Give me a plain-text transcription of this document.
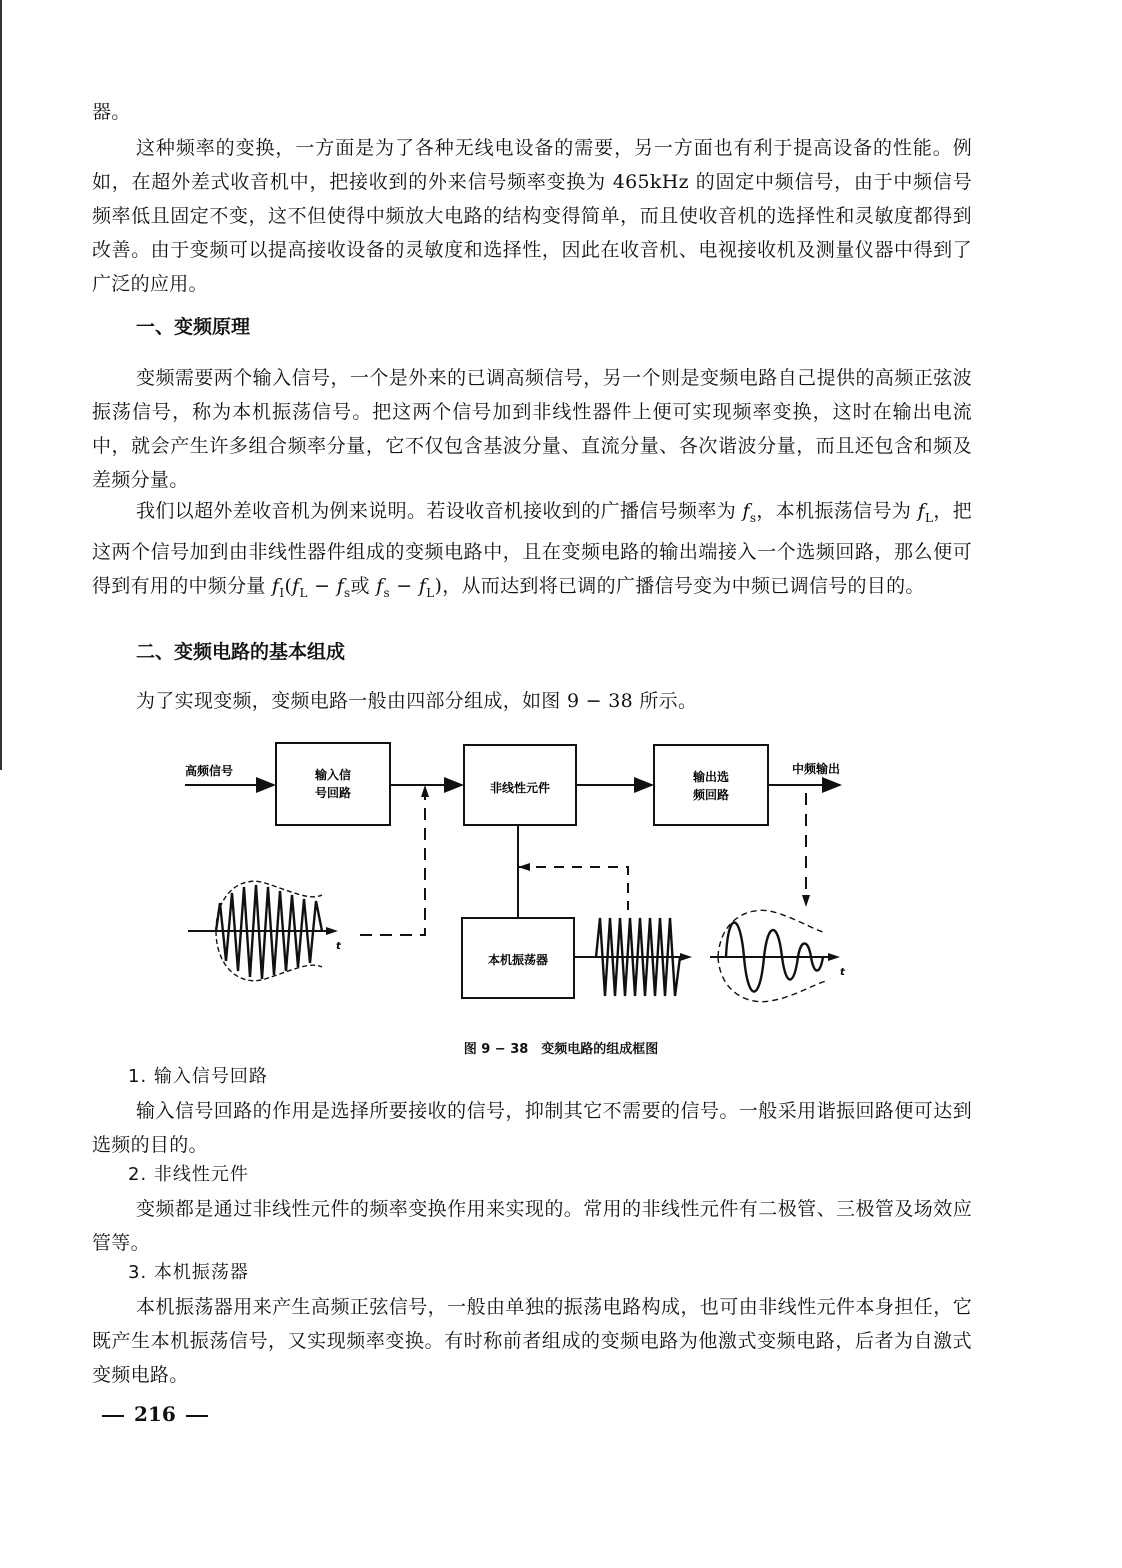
器。

这种频率的变换，一方面是为了各种无线电设备的需要，另一方面也有利于提高设备的性能。例如，在超外差式收音机中，把接收到的外来信号频率变换为 465kHz 的固定中频信号，由于中频信号频率低且固定不变，这不但使得中频放大电路的结构变得简单，而且使收音机的选择性和灵敏度都得到改善。由于变频可以提高接收设备的灵敏度和选择性，因此在收音机、电视接收机及测量仪器中得到了广泛的应用。

一、变频原理

变频需要两个输入信号，一个是外来的已调高频信号，另一个则是变频电路自己提供的高频正弦波振荡信号，称为本机振荡信号。把这两个信号加到非线性器件上便可实现频率变换，这时在输出电流中，就会产生许多组合频率分量，它不仅包含基波分量、直流分量、各次谐波分量，而且还包含和频及差频分量。

我们以超外差收音机为例来说明。若设收音机接收到的广播信号频率为 $f_s$，本机振荡信号为 $f_L$，把这两个信号加到由非线性器件组成的变频电路中，且在变频电路的输出端接入一个选频回路，那么便可得到有用的中频分量 $f_I(f_L - f_s$或 $f_s - f_L$)，从而达到将已调的广播信号变为中频已调信号的目的。

二、变频电路的基本组成

为了实现变频，变频电路一般由四部分组成，如图 9 − 38 所示。

高频信号	输入信
号回路	非线性元件
输出选
频回路
中频输出
本机振荡器
t
t
图 9 − 38　变频电路的组成框图

1. 输入信号回路

输入信号回路的作用是选择所要接收的信号，抑制其它不需要的信号。一般采用谐振回路便可达到选频的目的。

2. 非线性元件

变频都是通过非线性元件的频率变换作用来实现的。常用的非线性元件有二极管、三极管及场效应管等。

3. 本机振荡器

本机振荡器用来产生高频正弦信号，一般由单独的振荡电路构成，也可由非线性元件本身担任，它既产生本机振荡信号，又实现频率变换。有时称前者组成的变频电路为他激式变频电路，后者为自激式变频电路。

216
